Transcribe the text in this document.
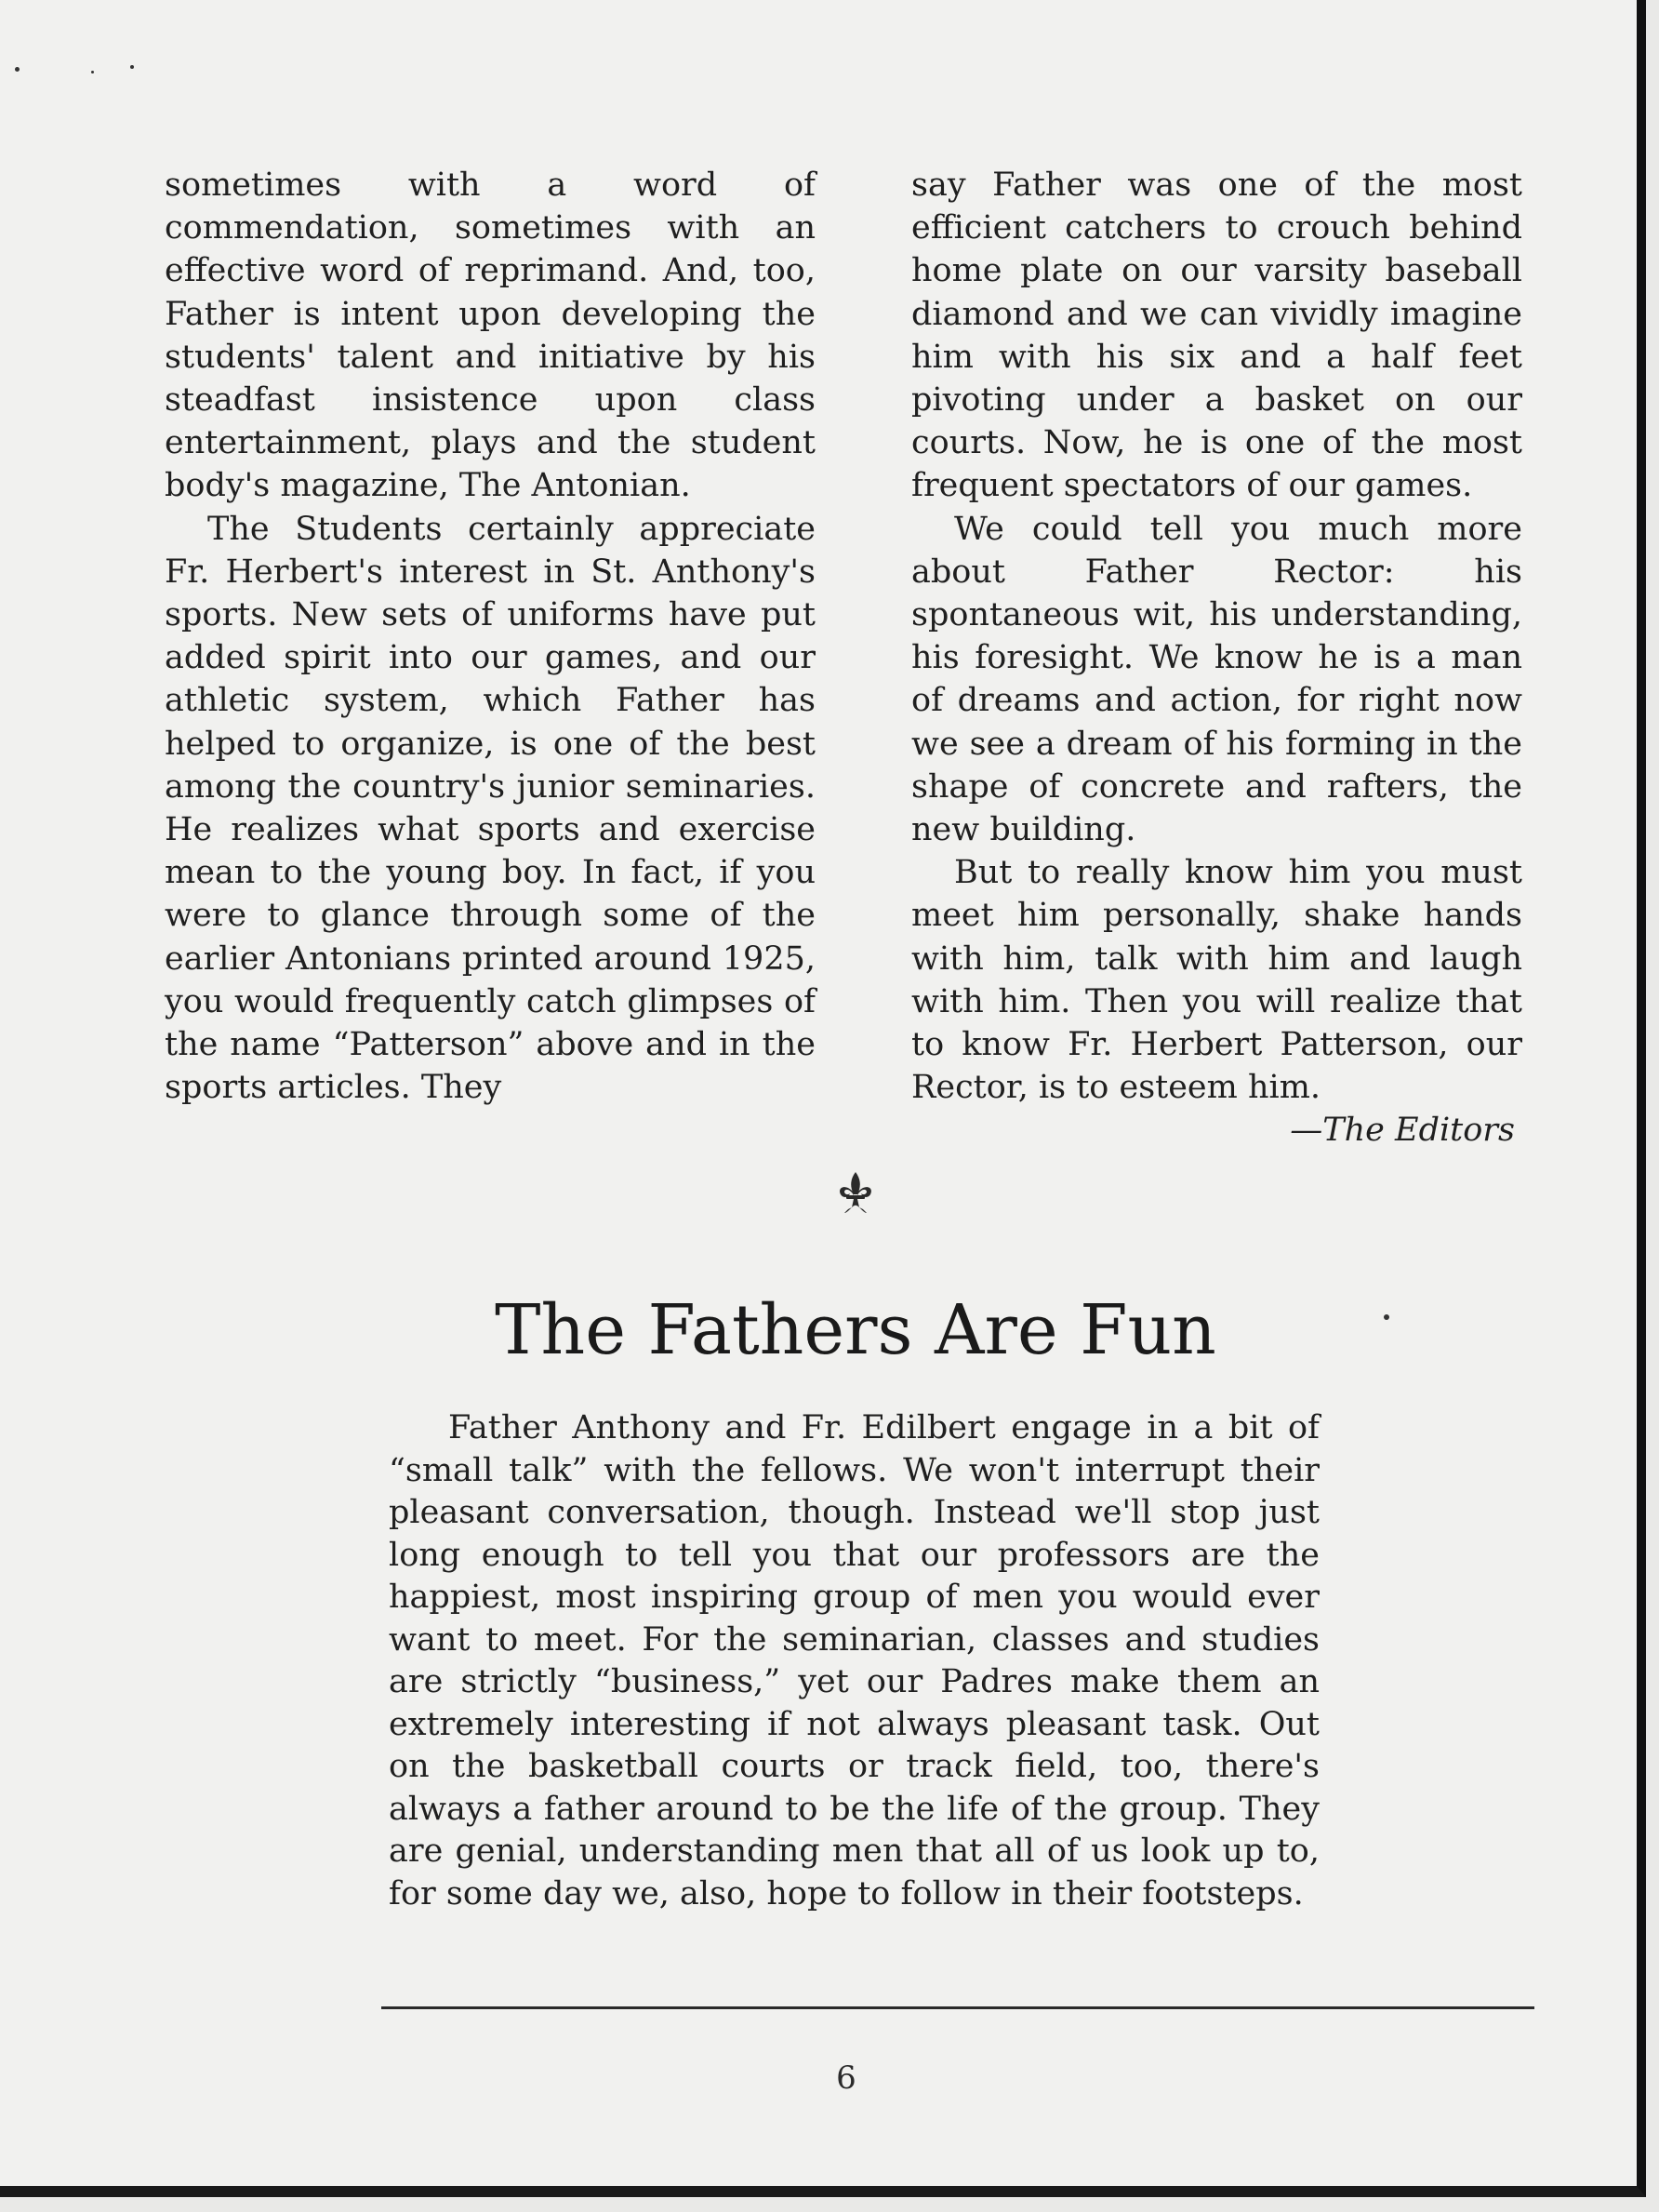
sometimes with a word of commendation, sometimes with an effective word of reprimand. And, too, Father is intent upon developing the students' talent and initiative by his steadfast insistence upon class entertainment, plays and the student body's magazine, The Antonian.

The Students certainly appreciate Fr. Herbert's interest in St. Anthony's sports. New sets of uniforms have put added spirit into our games, and our athletic system, which Father has helped to organize, is one of the best among the country's junior seminaries. He realizes what sports and exercise mean to the young boy. In fact, if you were to glance through some of the earlier Antonians printed around 1925, you would frequently catch glimpses of the name “Patterson” above and in the sports articles. They

say Father was one of the most efficient catchers to crouch behind home plate on our varsity baseball diamond and we can vividly imagine him with his six and a half feet pivoting under a basket on our courts. Now, he is one of the most frequent spectators of our games.

We could tell you much more about Father Rector: his spontaneous wit, his understanding, his foresight. We know he is a man of dreams and action, for right now we see a dream of his forming in the shape of concrete and rafters, the new building.

But to really know him you must meet him personally, shake hands with him, talk with him and laugh with him. Then you will realize that to know Fr. Herbert Patterson, our Rector, is to esteem him.

—The Editors

The Fathers Are Fun

Father Anthony and Fr. Edilbert engage in a bit of “small talk” with the fellows. We won't interrupt their pleasant conversation, though. Instead we'll stop just long enough to tell you that our professors are the happiest, most inspiring group of men you would ever want to meet. For the seminarian, classes and studies are strictly “business,” yet our Padres make them an extremely interesting if not always pleasant task. Out on the basketball courts or track field, too, there's always a father around to be the life of the group. They are genial, understanding men that all of us look up to, for some day we, also, hope to follow in their footsteps.

6
